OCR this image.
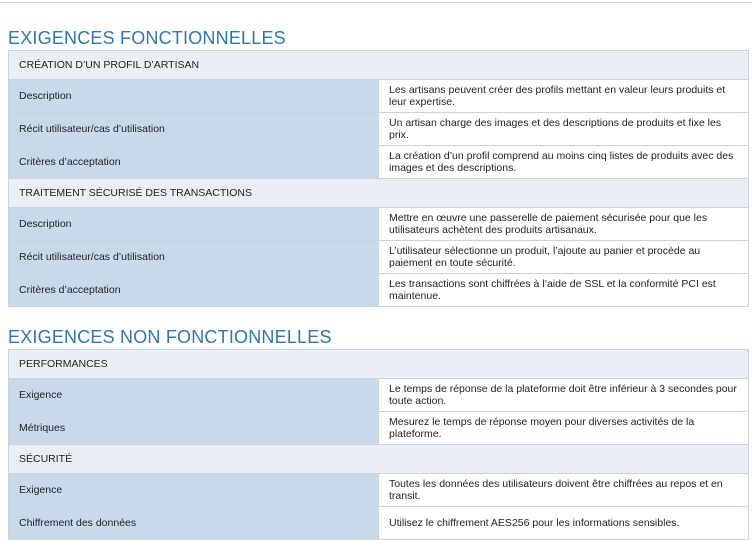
EXIGENCES FONCTIONNELLES
CRÉATION D’UN PROFIL D’ARTISAN	
Description	Les artisans peuvent créer des profils mettant en valeur leurs produits et leur expertise.
Récit utilisateur/cas d’utilisation	Un artisan charge des images et des descriptions de produits et fixe les prix.
Critères d’acceptation	La création d’un profil comprend au moins cinq listes de produits avec des images et des descriptions.
TRAITEMENT SÉCURISÉ DES TRANSACTIONS	
Description	Mettre en œuvre une passerelle de paiement sécurisée pour que les utilisateurs achètent des produits artisanaux.
Récit utilisateur/cas d’utilisation	L’utilisateur sélectionne un produit, l’ajoute au panier et procède au paiement en toute sécurité.
Critères d’acceptation	Les transactions sont chiffrées à l’aide de SSL et la conformité PCI est maintenue.
EXIGENCES NON FONCTIONNELLES
PERFORMANCES	
Exigence	Le temps de réponse de la plateforme doit être inférieur à 3 secondes pour toute action.
Métriques	Mesurez le temps de réponse moyen pour diverses activités de la plateforme.
SÉCURITÉ	
Exigence	Toutes les données des utilisateurs doivent être chiffrées au repos et en transit.
Chiffrement des données	Utilisez le chiffrement AES256 pour les informations sensibles.
